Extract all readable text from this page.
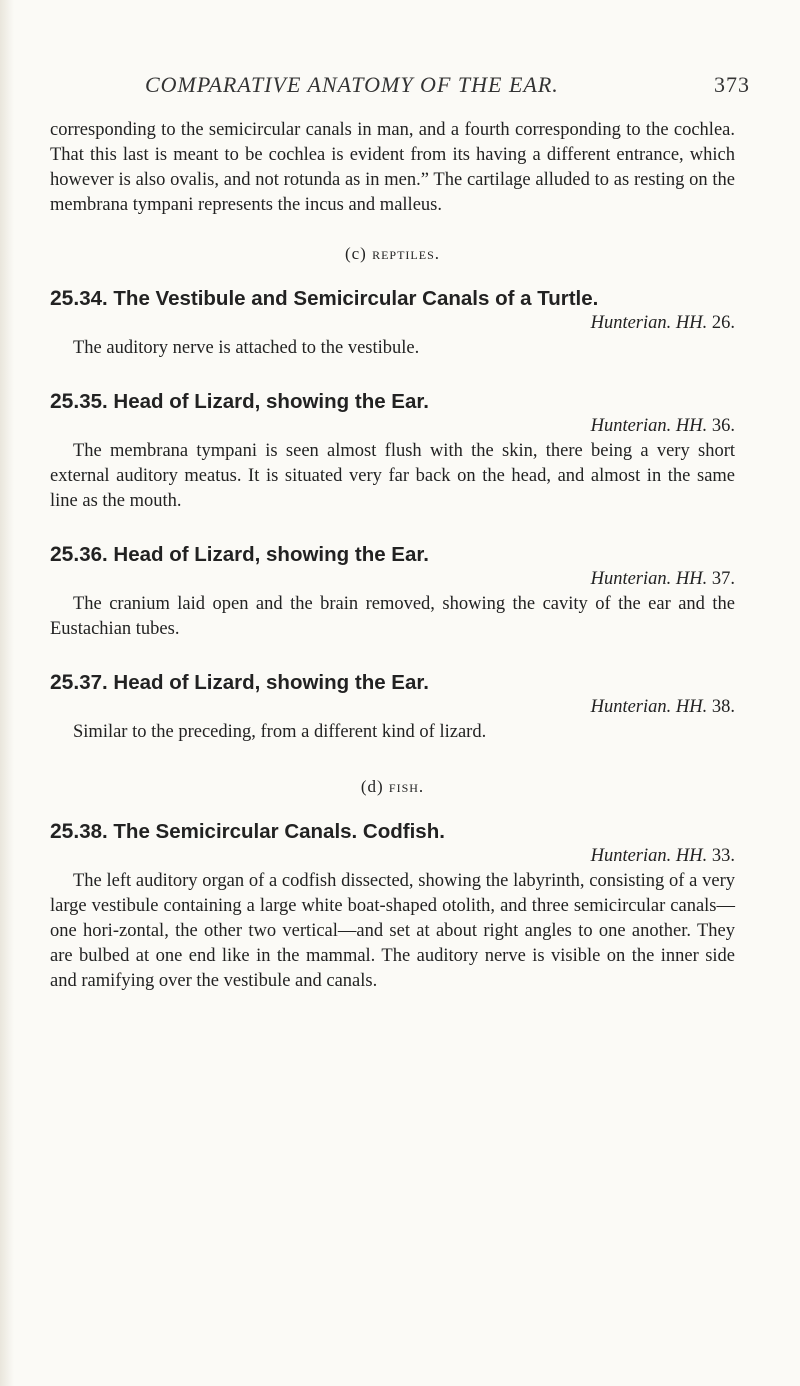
COMPARATIVE ANATOMY OF THE EAR.	373

corresponding to the semicircular canals in man, and a fourth corresponding to the cochlea. That this last is meant to be cochlea is evident from its having a different entrance, which however is also ovalis, and not rotunda as in men.” The cartilage alluded to as resting on the membrana tympani represents the incus and malleus.

(c) reptiles.
25.34. The Vestibule and Semicircular Canals of a Turtle.
Hunterian. HH. 26.

The auditory nerve is attached to the vestibule.

25.35. Head of Lizard, showing the Ear.
Hunterian. HH. 36.

The membrana tympani is seen almost flush with the skin, there being a very short external auditory meatus. It is situated very far back on the head, and almost in the same line as the mouth.

25.36. Head of Lizard, showing the Ear.
Hunterian. HH. 37.

The cranium laid open and the brain removed, showing the cavity of the ear and the Eustachian tubes.

25.37. Head of Lizard, showing the Ear.
Hunterian. HH. 38.

Similar to the preceding, from a different kind of lizard.

(d) fish.
25.38. The Semicircular Canals. Codfish.
Hunterian. HH. 33.

The left auditory organ of a codfish dissected, showing the labyrinth, consisting of a very large vestibule containing a large white boat-shaped otolith, and three semicircular canals—one hori-zontal, the other two vertical—and set at about right angles to one another. They are bulbed at one end like in the mammal. The auditory nerve is visible on the inner side and ramifying over the vestibule and canals.
